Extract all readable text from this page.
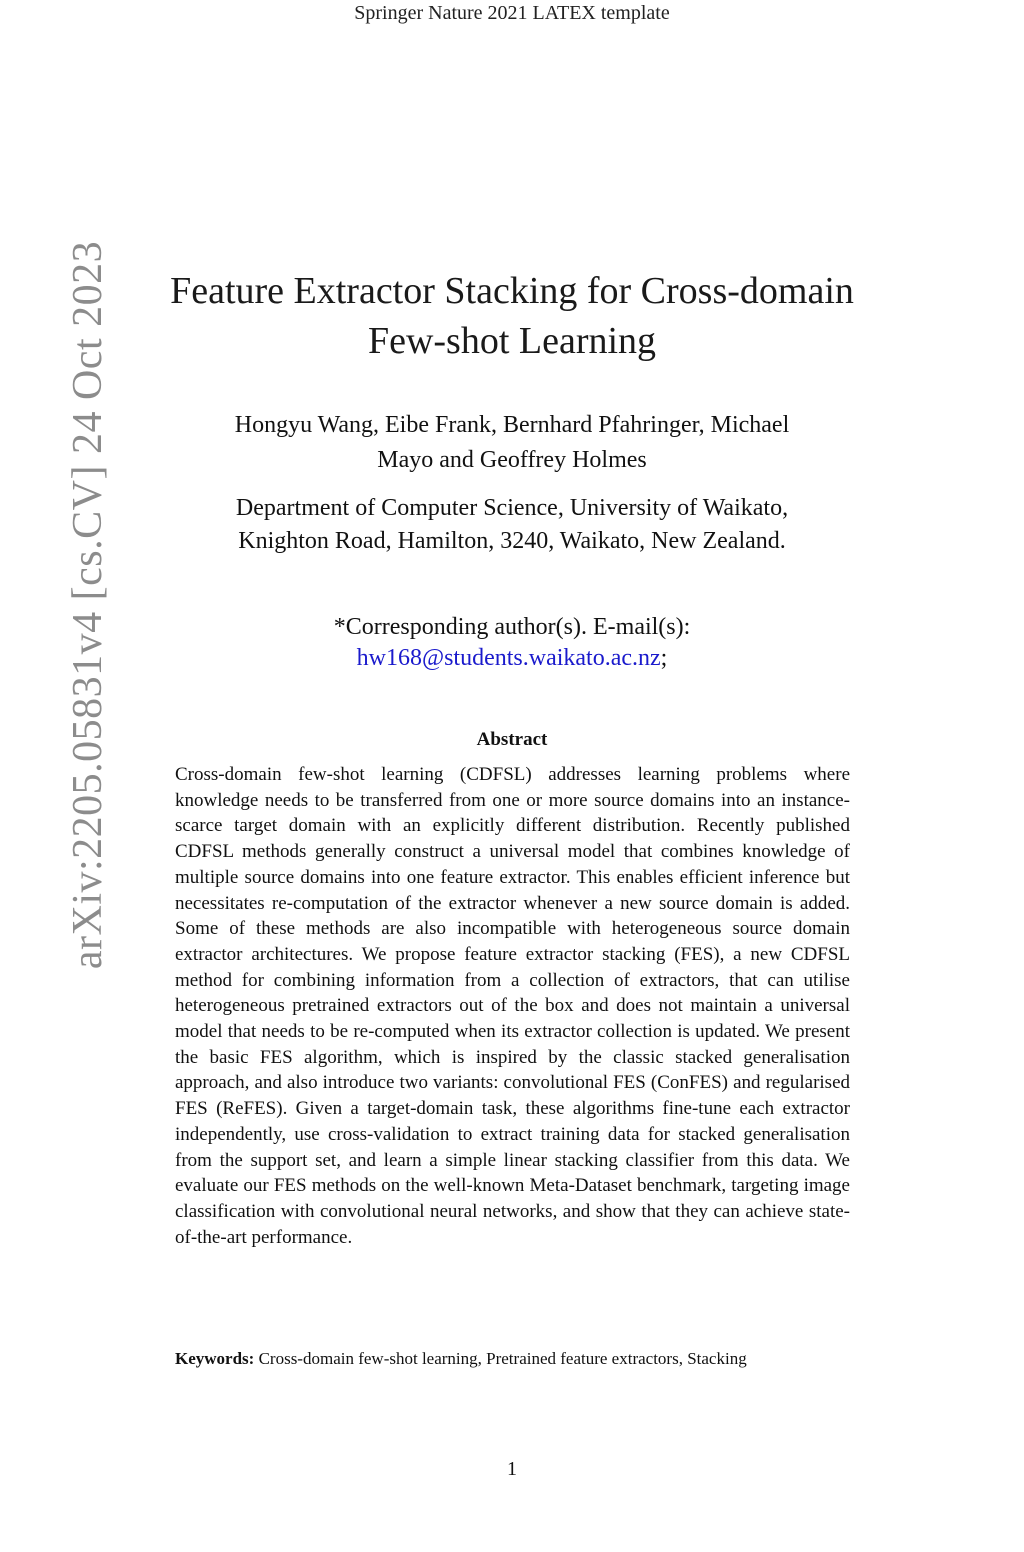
Springer Nature 2021 LATEX template
arXiv:2205.05831v4 [cs.CV] 24 Oct 2023	Feature Extractor Stacking for Cross-domain
Few-shot Learning
Hongyu Wang, Eibe Frank, Bernhard Pfahringer, Michael
Mayo and Geoffrey Holmes
Department of Computer Science, University of Waikato,
Knighton Road, Hamilton, 3240, Waikato, New Zealand.
*Corresponding author(s). E-mail(s):
hw168@students.waikato.ac.nz;
Abstract
Cross-domain few-shot learning (CDFSL) addresses learning problems where knowledge needs to be transferred from one or more source domains into an instance-scarce target domain with an explicitly different distribution. Recently published CDFSL methods generally construct a universal model that combines knowledge of multiple source domains into one feature extractor. This enables efficient inference but necessitates re-computation of the extractor whenever a new source domain is added. Some of these methods are also incompatible with heterogeneous source domain extractor architectures. We propose feature extractor stacking (FES), a new CDFSL method for combining information from a collection of extractors, that can utilise heterogeneous pretrained extractors out of the box and does not maintain a universal model that needs to be re-computed when its extractor collection is updated. We present the basic FES algorithm, which is inspired by the classic stacked generalisation approach, and also introduce two variants: convolutional FES (ConFES) and regularised FES (ReFES). Given a target-domain task, these algorithms fine-tune each extractor independently, use cross-validation to extract training data for stacked generalisation from the support set, and learn a simple linear stacking classifier from this data. We evaluate our FES methods on the well-known Meta-Dataset benchmark, targeting image classification with convolutional neural networks, and show that they can achieve state-of-the-art performance.
Keywords: Cross-domain few-shot learning, Pretrained feature extractors, Stacking
1
